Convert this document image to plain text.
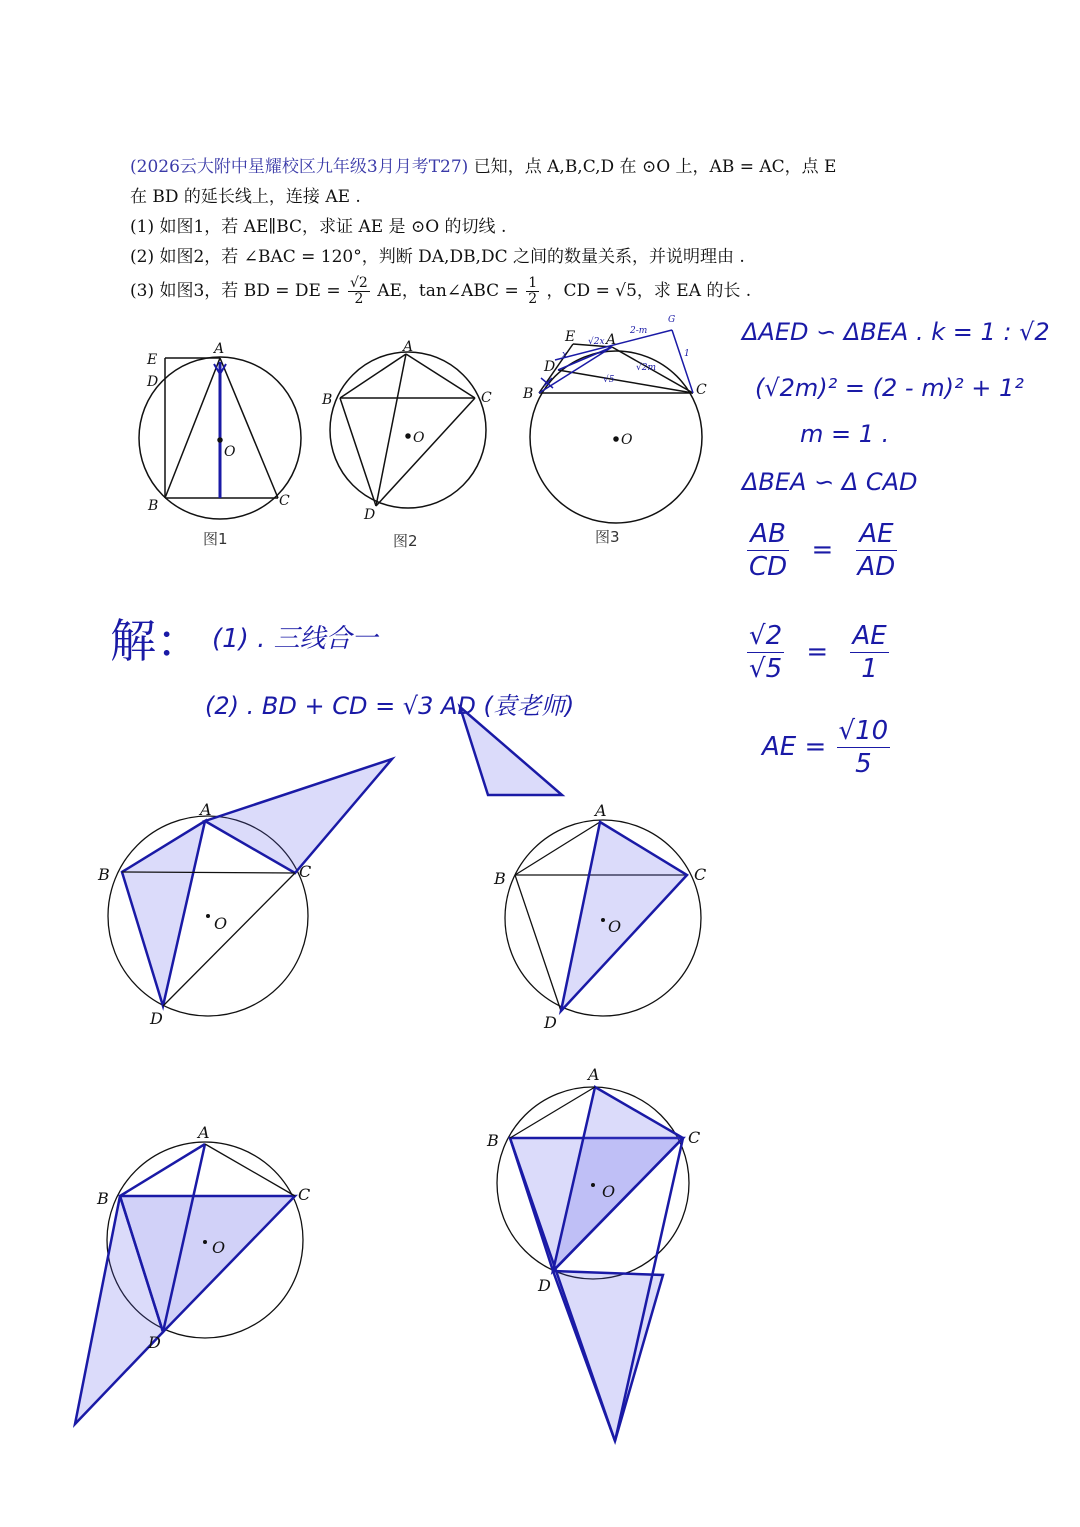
(2026云大附中星耀校区九年级3月月考T27) 已知，点 A,B,C,D 在 ⊙O 上，AB = AC，点 E
在 BD 的延长线上，连接 AE .
(1) 如图1，若 AE∥BC，求证 AE 是 ⊙O 的切线 .
(2) 如图2，若 ∠BAC = 120°，判断 DA,DB,DC 之间的数量关系，并说明理由 .
(3) 如图3，若 BD = DE = $\frac{√2}{2}$ AE，tan∠ABC = $\frac{1}{2}$ ，CD = √5，求 EA 的长 .
A
E
D
O
B	C
A
B	C
O
D
E
D
B
A
C
O
G
√2x
x
2-m
√2m
√5
1
A
B	C
O
D
A
B	C
O
D
A
B	C
O
D
A
B	C
O
D
图1	图2	图3
ΔAED ∽ ΔBEA . k = 1 : √2
(√2m)² = (2 - m)² + 1²
m = 1 .
ΔBEA ∽ Δ CAD
$\frac{AB}{CD} = \frac{AE}{AD}$
$\frac{√2}{√5} = \frac{AE}{1}$
AE = $\frac{√10}{5}$
解： (1) . 三线合一
(2) . BD + CD = √3 AD (袁老师)
